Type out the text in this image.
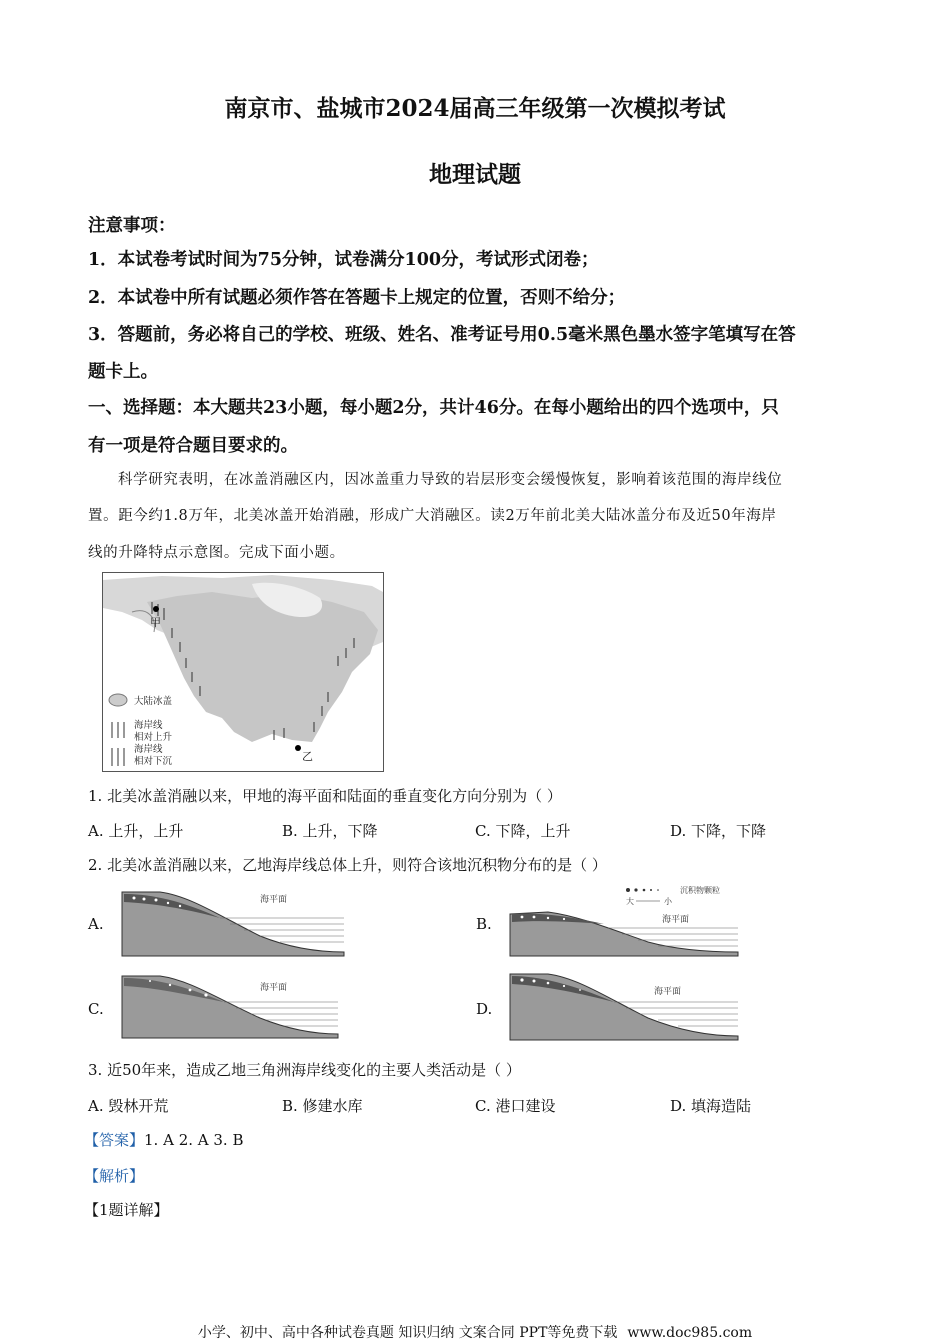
南京市、盐城市2024届高三年级第一次模拟考试
地理试题
注意事项：
1．本试卷考试时间为75分钟，试卷满分100分，考试形式闭卷；
2．本试卷中所有试题必须作答在答题卡上规定的位置，否则不给分；
3．答题前，务必将自己的学校、班级、姓名、准考证号用0.5毫米黑色墨水签字笔填写在答
题卡上。
一、选择题：本大题共23小题，每小题2分，共计46分。在每小题给出的四个选项中，只
有一项是符合题目要求的。
科学研究表明，在冰盖消融区内，因冰盖重力导致的岩层形变会缓慢恢复，影响着该范围的海岸线位
置。距今约1.8万年，北美冰盖开始消融，形成广大消融区。读2万年前北美大陆冰盖分布及近50年海岸
线的升降特点示意图。完成下面小题。
甲
乙
大陆冰盖
海岸线
相对上升
海岸线
相对下沉
1. 北美冰盖消融以来，甲地的海平面和陆面的垂直变化方向分别为（ ）
A. 上升，上升	B. 上升，下降	C. 下降，上升	D. 下降，下降
2. 北美冰盖消融以来，乙地海岸线总体上升，则符合该地沉积物分布的是（ ）
A.
海平面
B.
沉积物颗粒
大	小
海平面
C.
海平面
D.
海平面
3. 近50年来，造成乙地三角洲海岸线变化的主要人类活动是（ ）
A. 毁林开荒	B. 修建水库	C. 港口建设	D. 填海造陆
【答案】1. A 2. A 3. B
【解析】
【1题详解】
小学、初中、高中各种试卷真题 知识归纳 文案合同 PPT等免费下载 www.doc985.com
